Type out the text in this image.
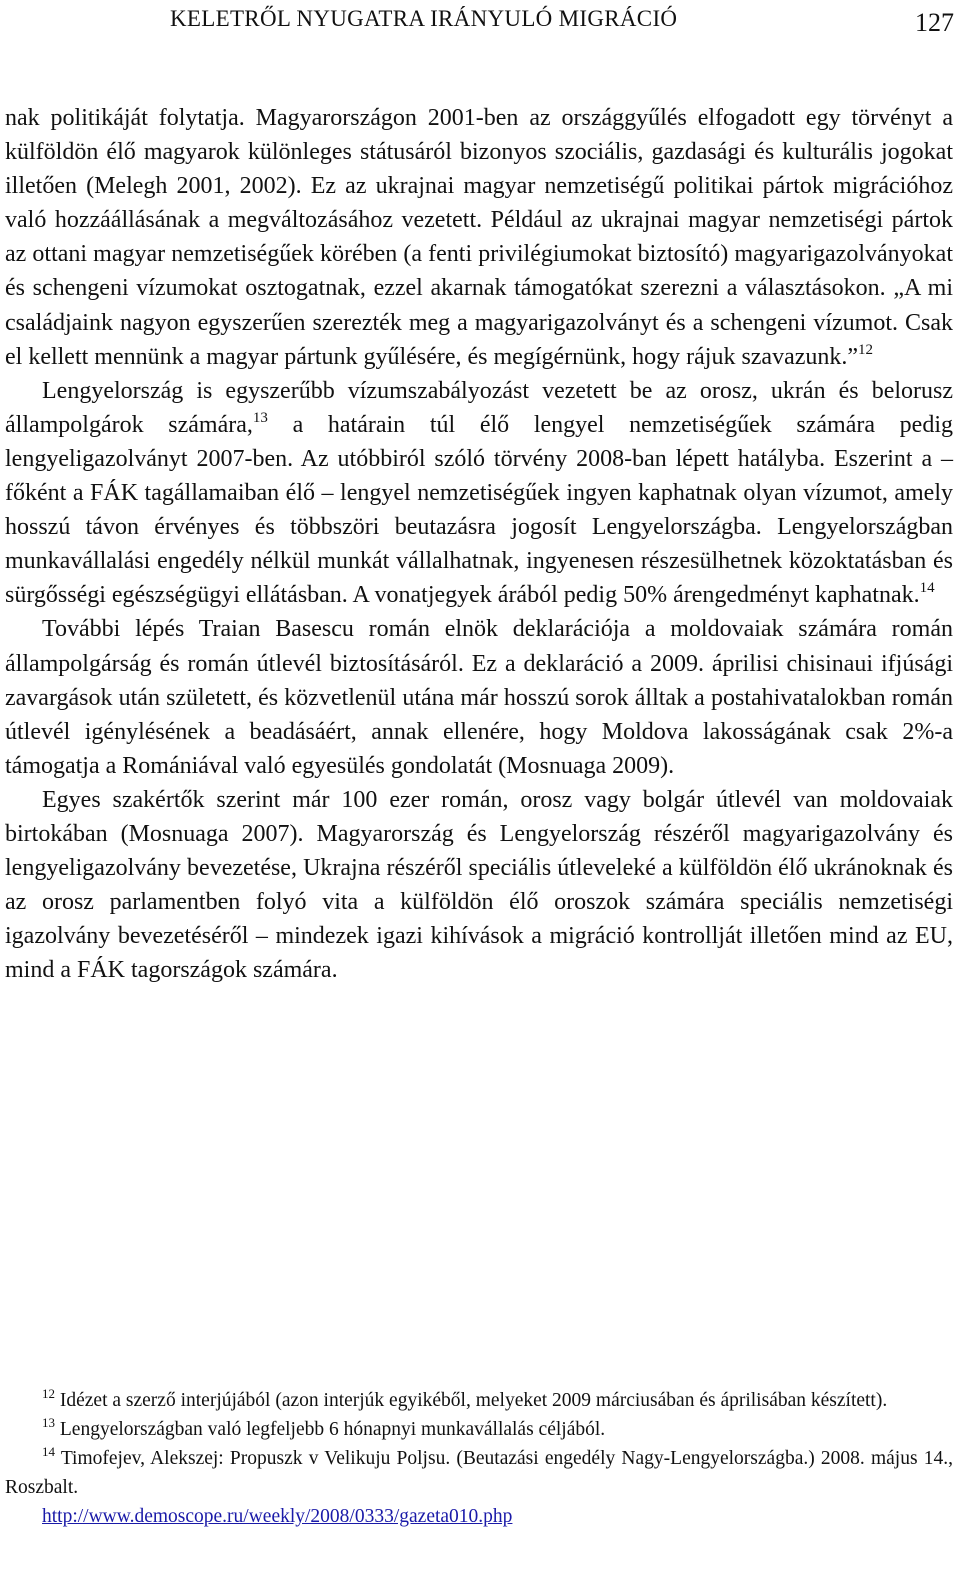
KELETRŐL NYUGATRA IRÁNYULÓ MIGRÁCIÓ	127

nak politikáját folytatja. Magyarországon 2001-ben az országgyűlés elfogadott egy törvényt a külföldön élő magyarok különleges státusáról bizonyos szociális, gazdasági és kulturális jogokat illetően (Melegh 2001, 2002). Ez az ukrajnai magyar nemzetiségű politikai pártok migrációhoz való hozzáállásának a megváltozásához vezetett. Például az ukrajnai magyar nemzetiségi pártok az ottani magyar nemzetiségűek körében (a fenti privilégiumokat biztosító) magyarigazolványokat és schengeni vízumokat osztogatnak, ezzel akarnak támogatókat szerezni a választásokon. „A mi családjaink nagyon egyszerűen szerezték meg a magyarigazolványt és a schengeni vízumot. Csak el kellett mennünk a magyar pártunk gyűlésére, és megígérnünk, hogy rájuk szavazunk.”$^{12}$

Lengyelország is egyszerűbb vízumszabályozást vezetett be az orosz, ukrán és belorusz állampolgárok számára,$^{13}$ a határain túl élő lengyel nemzetiségűek számára pedig lengyeligazolványt 2007-ben. Az utóbbiról szóló törvény 2008-ban lépett hatályba. Eszerint a – főként a FÁK tagállamaiban élő – lengyel nemzetiségűek ingyen kaphatnak olyan vízumot, amely hosszú távon érvényes és többszöri beutazásra jogosít Lengyelországba. Lengyelországban munkavállalási engedély nélkül munkát vállalhatnak, ingyenesen részesülhetnek közoktatásban és sürgősségi egészségügyi ellátásban. A vonatjegyek árából pedig 50% árengedményt kaphatnak.$^{14}$

További lépés Traian Basescu román elnök deklarációja a moldovaiak számára román állampolgárság és román útlevél biztosításáról. Ez a deklaráció a 2009. áprilisi chisinaui ifjúsági zavargások után született, és közvetlenül utána már hosszú sorok álltak a postahivatalokban román útlevél igénylésének a beadásáért, annak ellenére, hogy Moldova lakosságának csak 2%-a támogatja a Romániával való egyesülés gondolatát (Mosnuaga 2009).

Egyes szakértők szerint már 100 ezer román, orosz vagy bolgár útlevél van moldovaiak birtokában (Mosnuaga 2007). Magyarország és Lengyelország részéről magyarigazolvány és lengyeligazolvány bevezetése, Ukrajna részéről speciális útleveleké a külföldön élő ukránoknak és az orosz parlamentben folyó vita a külföldön élő oroszok számára speciális nemzetiségi igazolvány bevezetéséről – mindezek igazi kihívások a migráció kontrollját illetően mind az EU, mind a FÁK tagországok számára.

$^{12}$ Idézet a szerző interjújából (azon interjúk egyikéből, melyeket 2009 márciusában és áprilisában készített).

$^{13}$ Lengyelországban való legfeljebb 6 hónapnyi munkavállalás céljából.

$^{14}$ Timofejev, Alekszej: Propuszk v Velikuju Poljsu. (Beutazási engedély Nagy-Lengyelországba.) 2008. május 14., Roszbalt.

http://www.demoscope.ru/weekly/2008/0333/gazeta010.php
